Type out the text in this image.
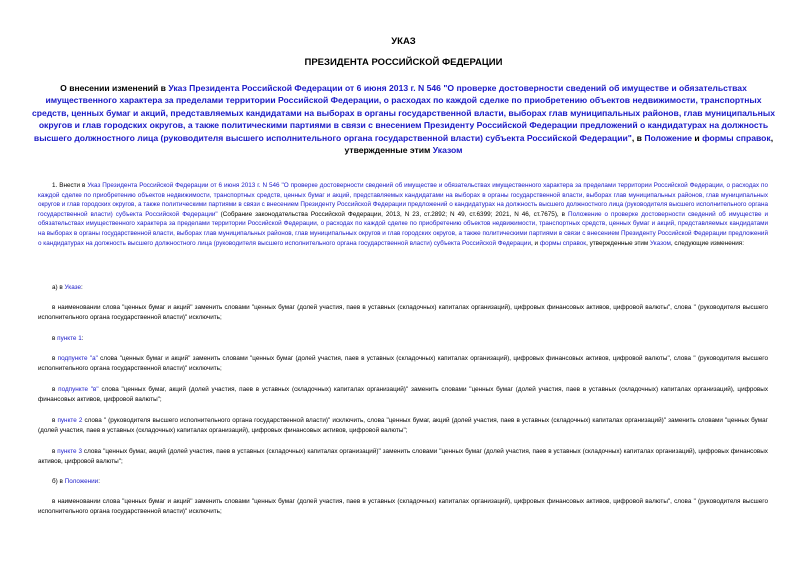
УКАЗ
ПРЕЗИДЕНТА РОССИЙСКОЙ ФЕДЕРАЦИИ
О внесении изменений в Указ Президента Российской Федерации от 6 июня 2013 г. N 546 "О проверке достоверности сведений об имуществе и обязательствах имущественного характера за пределами территории Российской Федерации, о расходах по каждой сделке по приобретению объектов недвижимости, транспортных средств, ценных бумаг и акций, представляемых кандидатами на выборах в органы государственной власти, выборах глав муниципальных районов, глав муниципальных округов и глав городских округов, а также политическими партиями в связи с внесением Президенту Российской Федерации предложений о кандидатурах на должность высшего должностного лица (руководителя высшего исполнительного органа государственной власти) субъекта Российской Федерации", в Положение и формы справок, утвержденные этим Указом
1. Внести в Указ Президента Российской Федерации от 6 июня 2013 г. N 546 "О проверке достоверности сведений об имуществе и обязательствах имущественного характера за пределами территории Российской Федерации, о расходах по каждой сделке по приобретению объектов недвижимости, транспортных средств, ценных бумаг и акций, представляемых кандидатами на выборах в органы государственной власти, выборах глав муниципальных районов, глав муниципальных округов и глав городских округов, а также политическими партиями в связи с внесением Президенту Российской Федерации предложений о кандидатурах на должность высшего должностного лица (руководителя высшего исполнительного органа государственной власти) субъекта Российской Федерации" (Собрание законодательства Российской Федерации, 2013, N 23, ст.2892; N 49, ст.6399; 2021, N 46, ст.7675), в Положение о проверке достоверности сведений об имуществе и обязательствах имущественного характера за пределами территории Российской Федерации, о расходах по каждой сделке по приобретению объектов недвижимости, транспортных средств, ценных бумаг и акций, представляемых кандидатами на выборах в органы государственной власти, выборах глав муниципальных районов, глав муниципальных округов и глав городских округов, а также политическими партиями в связи с внесением Президенту Российской Федерации предложений о кандидатурах на должность высшего должностного лица (руководителя высшего исполнительного органа государственной власти) субъекта Российской Федерации, и формы справок, утвержденные этим Указом, следующие изменения:
а) в Указе:
в наименовании слова "ценных бумаг и акций" заменить словами "ценных бумаг (долей участия, паев в уставных (складочных) капиталах организаций), цифровых финансовых активов, цифровой валюты", слова " (руководителя высшего исполнительного органа государственной власти)" исключить;
в пункте 1:
в подпункте "а" слова "ценных бумаг и акций" заменить словами "ценных бумаг (долей участия, паев в уставных (складочных) капиталах организаций), цифровых финансовых активов, цифровой валюты", слова " (руководителя высшего исполнительного органа государственной власти)" исключить;
в подпункте "в" слова "ценных бумаг, акций (долей участия, паев в уставных (складочных) капиталах организаций)" заменить словами "ценных бумаг (долей участия, паев в уставных (складочных) капиталах организаций), цифровых финансовых активов, цифровой валюты";
в пункте 2 слова " (руководителя высшего исполнительного органа государственной власти)" исключить, слова "ценных бумаг, акций (долей участия, паев в уставных (складочных) капиталах организаций)" заменить словами "ценных бумаг (долей участия, паев в уставных (складочных) капиталах организаций), цифровых финансовых активов, цифровой валюты";
в пункте 3 слова "ценных бумаг, акций (долей участия, паев в уставных (складочных) капиталах организаций)" заменить словами "ценных бумаг (долей участия, паев в уставных (складочных) капиталах организаций), цифровых финансовых активов, цифровой валюты";
б) в Положении:
в наименовании слова "ценных бумаг и акций" заменить словами "ценных бумаг (долей участия, паев в уставных (складочных) капиталах организаций), цифровых финансовых активов, цифровой валюты", слова " (руководителя высшего исполнительного органа государственной власти)" исключить;
